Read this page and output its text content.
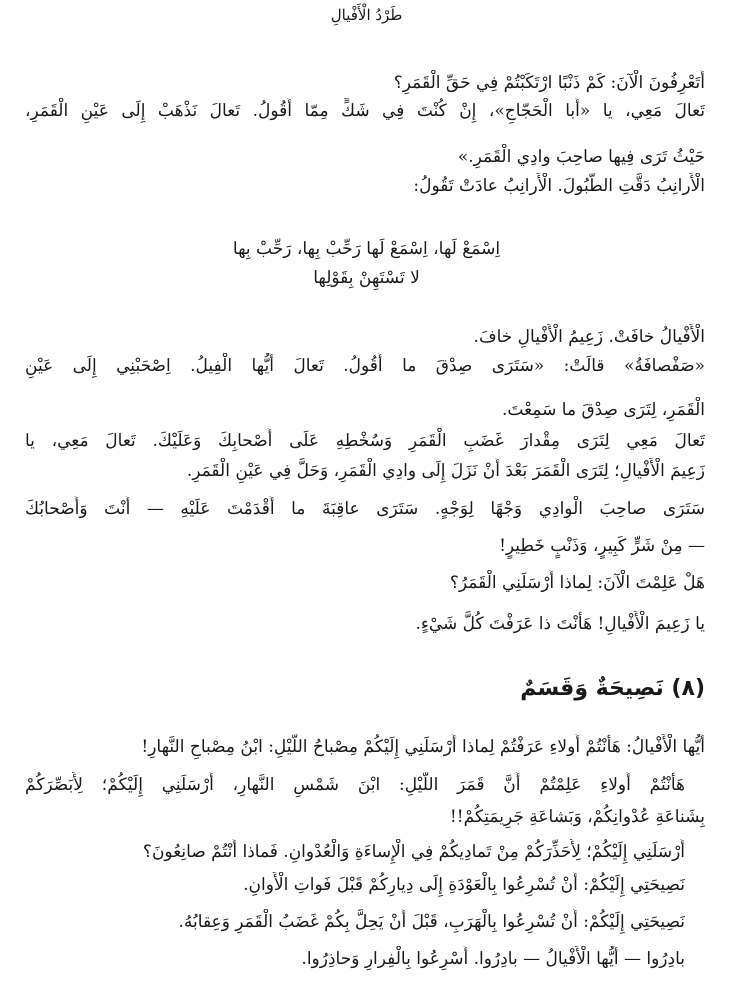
طَرْدُ الْأَفْيالِ
أَتَعْرِفُونَ الْآنَ: كَمْ ذَنْبًا ارْتَكَبْتُمْ فِي حَقِّ الْقَمَرِ؟
تَعالَ مَعِي، يا «أَبا الْحَجّاجِ»، إِنْ كُنْتَ فِي شَكٍّ مِمّا أَقُولُ. تَعالَ نَذْهَبْ إِلَى عَيْنِ الْقَمَرِ،
حَيْثُ تَرَى فِيها صاحِبَ وادِي الْقَمَرِ.»
الْأَرانِبُ دَقَّتِ الطُّبُولَ. الْأَرانِبُ عادَتْ تَقُولُ:
اِسْمَعْ لَها، اِسْمَعْ لَها رَحِّبْ بِها، رَحِّبْ بِها
لا تَسْتَهِنْ بِقَوْلِها
الْأَفْيالُ خافَتْ. زَعِيمُ الْأَفْيالِ خافَ.
«صَفْصافَةُ» قالَتْ: «سَتَرَى صِدْقَ ما أَقُولُ. تَعالَ أَيُّها الْفِيلُ. اِصْحَبْنِي إِلَى عَيْنِ
الْقَمَرِ، لِتَرَى صِدْقَ ما سَمِعْتَ.
تَعالَ مَعِي لِتَرَى مِقْدارَ غَضَبِ الْقَمَرِ وَسُخْطِهِ عَلَى أَصْحابِكَ وَعَلَيْكَ. تَعالَ مَعِي، يا
زَعِيمَ الْأَفْيالِ؛ لِتَرَى الْقَمَرَ بَعْدَ أَنْ نَزَلَ إِلَى وادِي الْقَمَرِ، وَحَلَّ فِي عَيْنِ الْقَمَرِ.
سَتَرَى صاحِبَ الْوادِي وَجْهًا لِوَجْهٍ. سَتَرَى عاقِبَةَ ما أَقْدَمْتَ عَلَيْهِ — أَنْتَ وَأَصْحابُكَ
— مِنْ شَرٍّ كَبِيرٍ، وَذَنْبٍ خَطِيرٍ!
هَلْ عَلِمْتَ الْآنَ: لِماذا أَرْسَلَنِي الْقَمَرُ؟
يا زَعِيمَ الْأَفْيالِ! هَأَنْتَ ذا عَرَفْتَ كُلَّ شَيْءٍ.
(٨) نَصِيحَةٌ وَقَسَمٌ
أَيُّها الْأَفْيالُ: هَأَنْتُمْ أُولاءِ عَرَفْتُمْ لِماذا أَرْسَلَنِي إِلَيْكُمْ مِصْباحُ اللَّيْلِ: ابْنُ مِصْباحِ النَّهارِ!
هَأَنْتُمْ أُولاءِ عَلِمْتُمْ أَنَّ قَمَرَ اللَّيْلِ: ابْنَ شَمْسِ النَّهارِ، أَرْسَلَنِي إِلَيْكُمْ؛ لِأُبَصِّرَكُمْ
بِشَناعَةِ عُدْوانِكُمْ، وَبَشاعَةِ جَرِيمَتِكُمْ!!
أَرْسَلَنِي إِلَيْكُمْ؛ لِأُحَذِّرَكُمْ مِنْ تَمادِيكُمْ فِي الْإِساءَةِ وَالْعُدْوانِ. فَماذا أَنْتُمْ صانِعُونَ؟
نَصِيحَتِي إِلَيْكُمْ: أَنْ تُسْرِعُوا بِالْعَوْدَةِ إِلَى دِيارِكُمْ قَبْلَ فَواتِ الْأَوانِ.
نَصِيحَتِي إِلَيْكُمْ: أَنْ تُسْرِعُوا بِالْهَرَبِ، قَبْلَ أَنْ يَحِلَّ بِكُمْ غَضَبُ الْقَمَرِ وَعِقابُهُ.
بادِرُوا — أَيُّها الْأَفْيالُ — بادِرُوا. أَسْرِعُوا بِالْفِرارِ وَحاذِرُوا.
